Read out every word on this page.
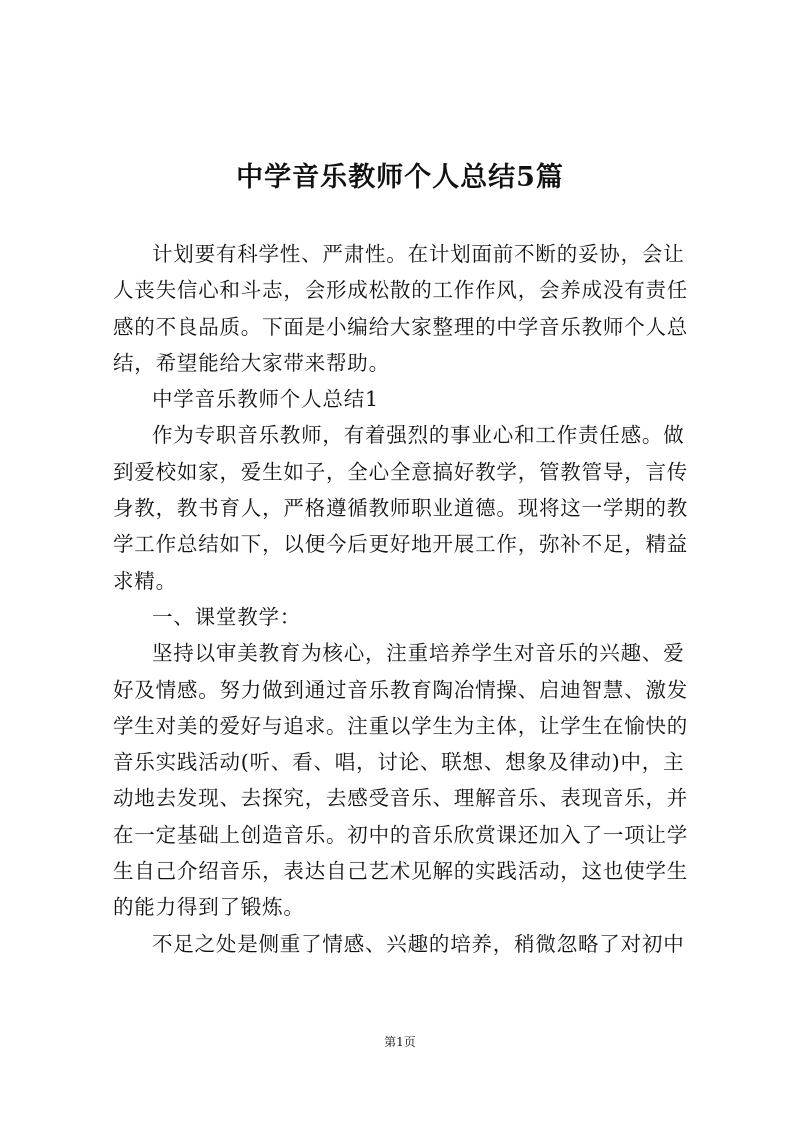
中学音乐教师个人总结5篇
计划要有科学性、严肃性。在计划面前不断的妥协，会让
人丧失信心和斗志，会形成松散的工作作风，会养成没有责任
感的不良品质。下面是小编给大家整理的中学音乐教师个人总
结，希望能给大家带来帮助。
中学音乐教师个人总结1
作为专职音乐教师，有着强烈的事业心和工作责任感。做
到爱校如家，爱生如子，全心全意搞好教学，管教管导，言传
身教，教书育人，严格遵循教师职业道德。现将这一学期的教
学工作总结如下，以便今后更好地开展工作，弥补不足，精益
求精。
一、课堂教学：
坚持以审美教育为核心，注重培养学生对音乐的兴趣、爱
好及情感。努力做到通过音乐教育陶冶情操、启迪智慧、激发
学生对美的爱好与追求。注重以学生为主体，让学生在愉快的
音乐实践活动(听、看、唱，讨论、联想、想象及律动)中，主
动地去发现、去探究，去感受音乐、理解音乐、表现音乐，并
在一定基础上创造音乐。初中的音乐欣赏课还加入了一项让学
生自己介绍音乐，表达自己艺术见解的实践活动，这也使学生
的能力得到了锻炼。
不足之处是侧重了情感、兴趣的培养，稍微忽略了对初中
第1页
